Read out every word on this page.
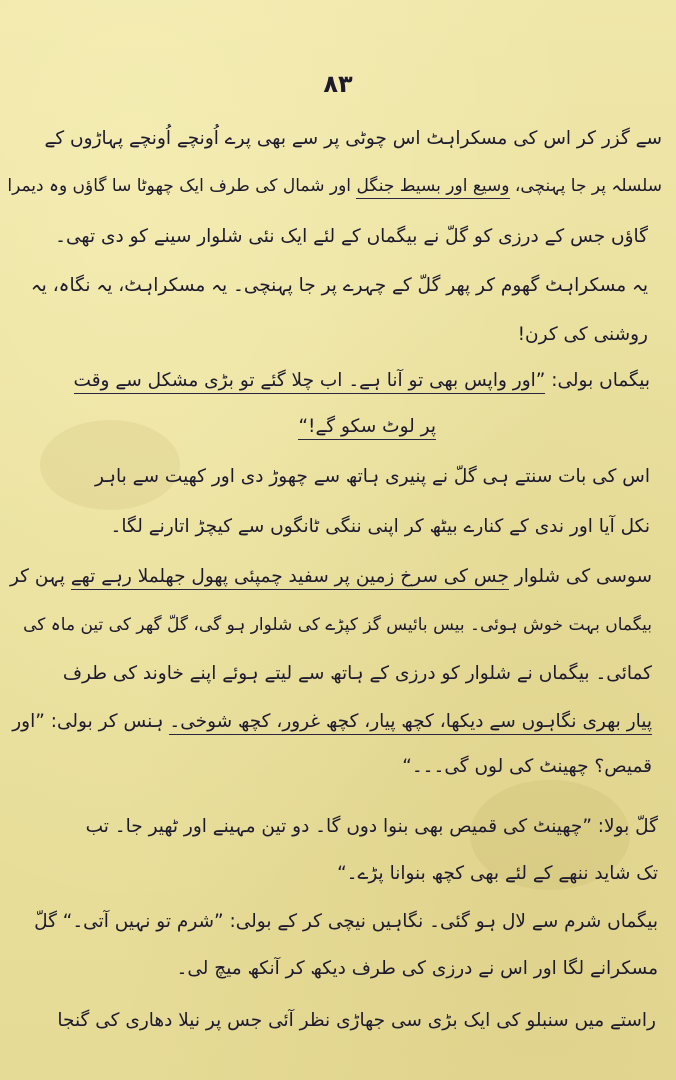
۸۳
سے گزر کر اس کی مسکراہٹ اس چوٹی پر سے بھی پرے اُونچے اُونچے پہاڑوں کے
سلسلہ پر جا پہنچی، وسیع اور بسیط جنگل اور شمال کی طرف ایک چھوٹا سا گاؤں وہ دیمرا
گاؤں جس کے درزی کو گلّ نے بیگماں کے لئے ایک نئی شلوار سینے کو دی تھی۔
یہ مسکراہٹ گھوم کر پھر گلّ کے چہرے پر جا پہنچی۔ یہ مسکراہٹ، یہ نگاہ، یہ
روشنی کی کرن!
بیگماں بولی: ”اور واپس بھی تو آنا ہے۔ اب چلا گئے تو بڑی مشکل سے وقت
پر لوٹ سکو گے!“
اس کی بات سنتے ہی گلّ نے پنیری ہاتھ سے چھوڑ دی اور کھیت سے باہر
نکل آیا اور ندی کے کنارے بیٹھ کر اپنی ننگی ٹانگوں سے کیچڑ اتارنے لگا۔
سوسی کی شلوار جس کی سرخ زمین پر سفید چمپئی پھول جھلملا رہے تھے پہن کر
بیگماں بہت خوش ہوئی۔ بیس بائیس گز کپڑے کی شلوار ہو گی، گلّ گھر کی تین ماہ کی
کمائی۔ بیگماں نے شلوار کو درزی کے ہاتھ سے لیتے ہوئے اپنے خاوند کی طرف
پیار بھری نگاہوں سے دیکھا، کچھ پیار، کچھ غرور، کچھ شوخی۔ ہنس کر بولی: ”اور
قمیص؟ چھینٹ کی لوں گی۔۔۔“
گلّ بولا: ”چھینٹ کی قمیص بھی بنوا دوں گا۔ دو تین مہینے اور ٹھیر جا۔ تب
تک شاید ننھے کے لئے بھی کچھ بنوانا پڑے۔“
بیگماں شرم سے لال ہو گئی۔ نگاہیں نیچی کر کے بولی: ”شرم تو نہیں آتی۔“ گلّ
مسکرانے لگا اور اس نے درزی کی طرف دیکھ کر آنکھ میچ لی۔
راستے میں سنبلو کی ایک بڑی سی جھاڑی نظر آئی جس پر نیلا دھاری کی گنجا
